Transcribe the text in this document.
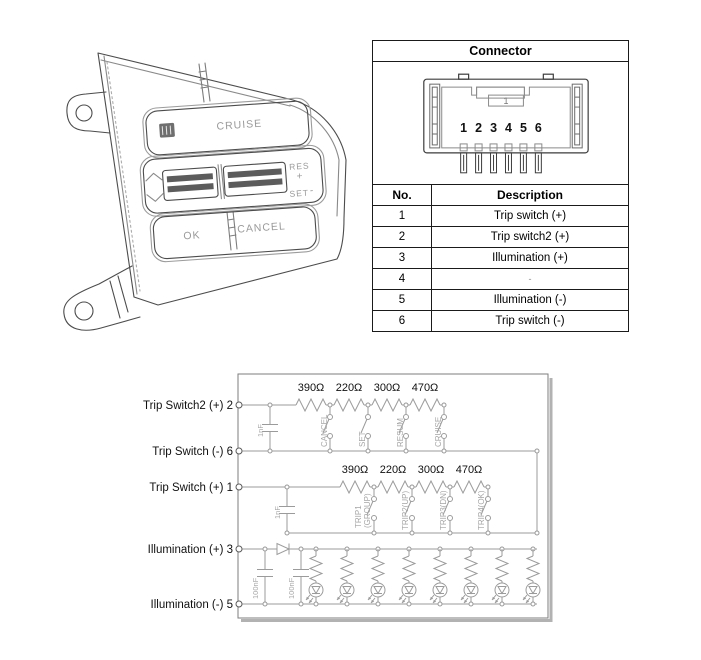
CRUISE
RES
+
SET -
OK
CANCEL
Connector
1
1 2 3 4 5 6
No.	Description
1	Trip switch (+)
2	Trip switch2 (+)
3	Illumination (+)
4	-
5	Illumination (-)
6	Trip switch (-)
Trip Switch2 (+) 2
Trip Switch (-) 6
Trip Switch (+) 1
Illumination (+) 3
Illumination (-) 5
390Ω 220Ω 300Ω 470Ω
390Ω 220Ω 300Ω 470Ω
CANCEL	SET	RESUM	CRUISE
TRIP1 (GROUP)	TRIP2(UP)	TRIP3(DN)	TRIP4(OK)
1nF
1nF
100nF	100nF
